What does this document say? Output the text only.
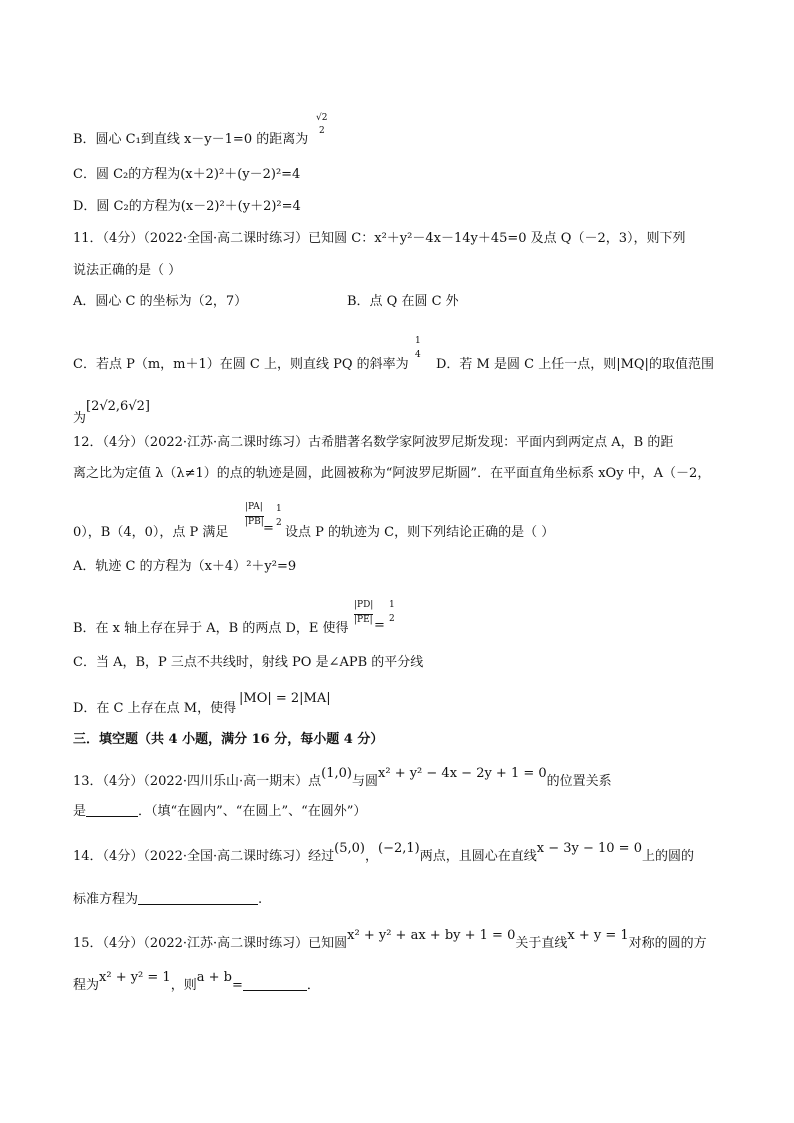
B．圆心 C₁到直线 x－y－1=0 的距离为
√2
2
C．圆 C₂的方程为(x＋2)²＋(y－2)²=4
D．圆 C₂的方程为(x－2)²＋(y＋2)²=4
11．（4分）（2022·全国·高二课时练习）已知圆 C：x²＋y²－4x－14y＋45=0 及点 Q（－2，3），则下列
说法正确的是（ ）
A．圆心 C 的坐标为（2，7）	B．点 Q 在圆 C 外
C．若点 P（m，m＋1）在圆 C 上，则直线 PQ 的斜率为
1
4
D．若 M 是圆 C 上任一点，则|MQ|的取值范围
为[2√2,6√2]
12．（4分）（2022·江苏·高二课时练习）古希腊著名数学家阿波罗尼斯发现：平面内到两定点 A，B 的距
离之比为定值 λ（λ≠1）的点的轨迹是圆，此圆被称为“阿波罗尼斯圆”．在平面直角坐标系 xOy 中，A（－2，
0），B（4，0），点 P 满足
|PA|
|PB| =
1
2
设点 P 的轨迹为 C，则下列结论正确的是（ ）
A．轨迹 C 的方程为（x＋4）²＋y²=9
B．在 x 轴上存在异于 A，B 的两点 D，E 使得
|PD|
|PE| =
1
2
C．当 A，B，P 三点不共线时，射线 PO 是∠APB 的平分线
D．在 C 上存在点 M，使得
|MO| = 2|MA|
三．填空题（共 4 小题，满分 16 分，每小题 4 分）
13．（4分）（2022·四川乐山·高一期末）点(1,0)与圆x² + y² − 4x − 2y + 1 = 0的位置关系
是	．（填“在圆内”、“在圆上”、“在圆外”）
14．（4分）（2022·全国·高二课时练习）经过(5,0)，(−2,1)两点，且圆心在直线x − 3y − 10 = 0上的圆的
标准方程为	.
15．（4分）（2022·江苏·高二课时练习）已知圆x² + y² + ax + by + 1 = 0关于直线x + y = 1对称的圆的方
程为x² + y² = 1，则a + b=	．
